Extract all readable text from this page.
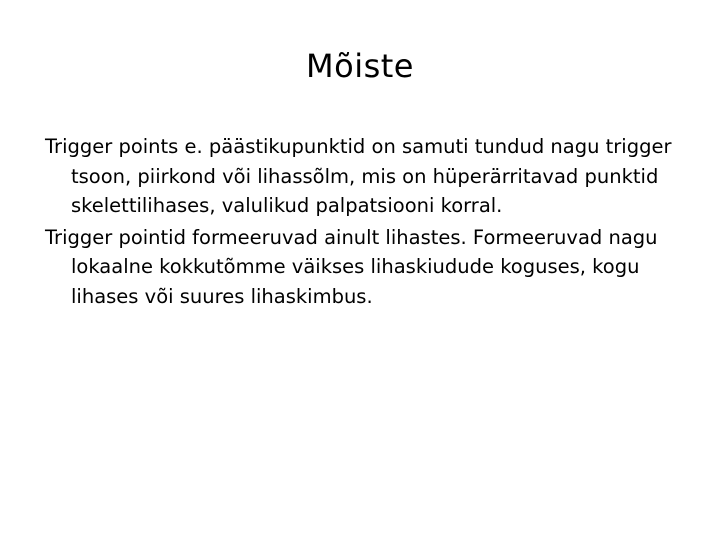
Mõiste
Trigger points e. päästikupunktid on samuti tundud nagu trigger tsoon, piirkond või lihassõlm, mis on hüperärritavad punktid skelettilihases, valulikud palpatsiooni korral.
Trigger pointid formeeruvad ainult lihastes. Formeeruvad nagu lokaalne kokkutõmme väikses lihaskiudude koguses, kogu lihases või suures lihaskimbus.
